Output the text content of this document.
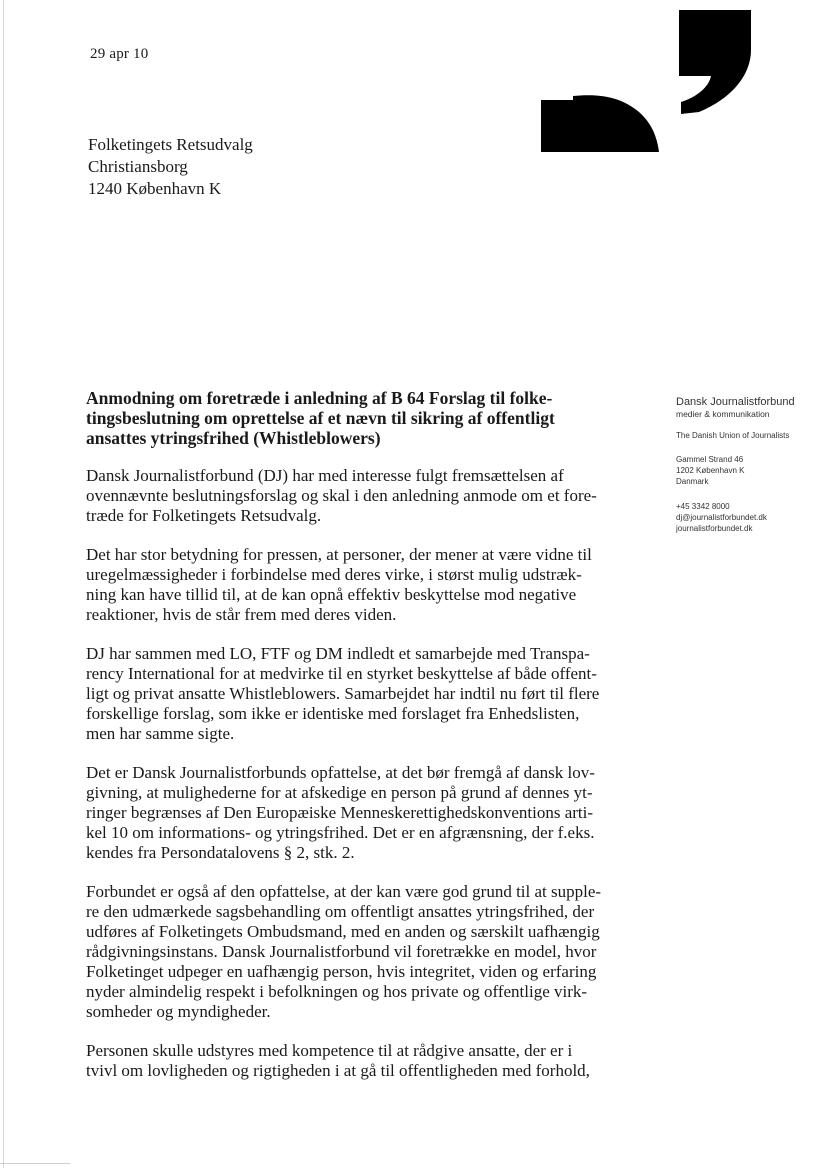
29 apr 10
Folketingets Retsudvalg
Christiansborg
1240 København K
Dansk Journalistforbund
medier & kommunikation
The Danish Union of Journalists
Gammel Strand 46
1202 København K
Danmark
+45 3342 8000
dj@journalistforbundet.dk
journalistforbundet.dk
Anmodning om foretræde i anledning af B 64 Forslag til folke-
tingsbeslutning om oprettelse af et nævn til sikring af offentligt
ansattes ytringsfrihed (Whistleblowers)
Dansk Journalistforbund (DJ) har med interesse fulgt fremsættelsen af
ovennævnte beslutningsforslag og skal i den anledning anmode om et fore-
træde for Folketingets Retsudvalg.
Det har stor betydning for pressen, at personer, der mener at være vidne til
uregelmæssigheder i forbindelse med deres virke, i størst mulig udstræk-
ning kan have tillid til, at de kan opnå effektiv beskyttelse mod negative
reaktioner, hvis de står frem med deres viden.
DJ har sammen med LO, FTF og DM indledt et samarbejde med Transpa-
rency International for at medvirke til en styrket beskyttelse af både offent-
ligt og privat ansatte Whistleblowers. Samarbejdet har indtil nu ført til flere
forskellige forslag, som ikke er identiske med forslaget fra Enhedslisten,
men har samme sigte.
Det er Dansk Journalistforbunds opfattelse, at det bør fremgå af dansk lov-
givning, at mulighederne for at afskedige en person på grund af dennes yt-
ringer begrænses af Den Europæiske Menneskerettighedskonventions arti-
kel 10 om informations- og ytringsfrihed. Det er en afgrænsning, der f.eks.
kendes fra Persondatalovens § 2, stk. 2.
Forbundet er også af den opfattelse, at der kan være god grund til at supple-
re den udmærkede sagsbehandling om offentligt ansattes ytringsfrihed, der
udføres af Folketingets Ombudsmand, med en anden og særskilt uafhængig
rådgivningsinstans. Dansk Journalistforbund vil foretrække en model, hvor
Folketinget udpeger en uafhængig person, hvis integritet, viden og erfaring
nyder almindelig respekt i befolkningen og hos private og offentlige virk-
somheder og myndigheder.
Personen skulle udstyres med kompetence til at rådgive ansatte, der er i
tvivl om lovligheden og rigtigheden i at gå til offentligheden med forhold,
